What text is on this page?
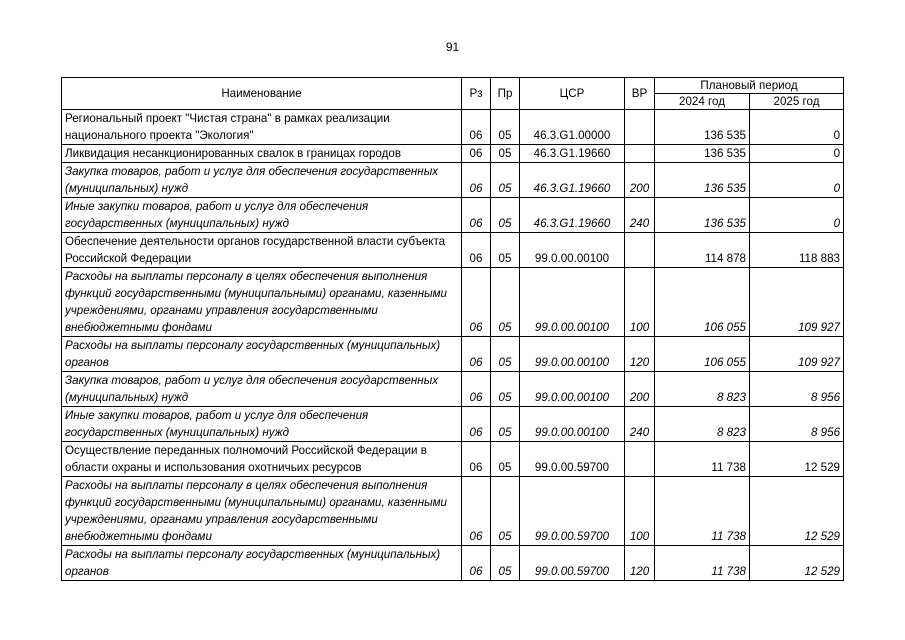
91
Наименование	Рз	Пр	ЦСР	ВР	Плановый период	
					2024 год	2025 год
Региональный проект "Чистая страна" в рамках реализации национального проекта "Экология"	06	05	46.3.G1.00000		136 535	0
Ликвидация несанкционированных свалок в границах городов	06	05	46.3.G1.19660		136 535	0
Закупка товаров, работ и услуг для обеспечения государственных (муниципальных) нужд	06	05	46.3.G1.19660	200	136 535	0
Иные закупки товаров, работ и услуг для обеспечения государственных (муниципальных) нужд	06	05	46.3.G1.19660	240	136 535	0
Обеспечение деятельности органов государственной власти субъекта Российской Федерации	06	05	99.0.00.00100		114 878	118 883
Расходы на выплаты персоналу в целях обеспечения выполнения функций государственными (муниципальными) органами, казенными учреждениями, органами управления государственными внебюджетными фондами	06	05	99.0.00.00100	100	106 055	109 927
Расходы на выплаты персоналу государственных (муниципальных) органов	06	05	99.0.00.00100	120	106 055	109 927
Закупка товаров, работ и услуг для обеспечения государственных (муниципальных) нужд	06	05	99.0.00.00100	200	8 823	8 956
Иные закупки товаров, работ и услуг для обеспечения государственных (муниципальных) нужд	06	05	99.0.00.00100	240	8 823	8 956
Осуществление переданных полномочий Российской Федерации в области охраны и использования охотничьих ресурсов	06	05	99.0.00.59700		11 738	12 529
Расходы на выплаты персоналу в целях обеспечения выполнения функций государственными (муниципальными) органами, казенными учреждениями, органами управления государственными внебюджетными фондами	06	05	99.0.00.59700	100	11 738	12 529
Расходы на выплаты персоналу государственных (муниципальных) органов	06	05	99.0.00.59700	120	11 738	12 529
